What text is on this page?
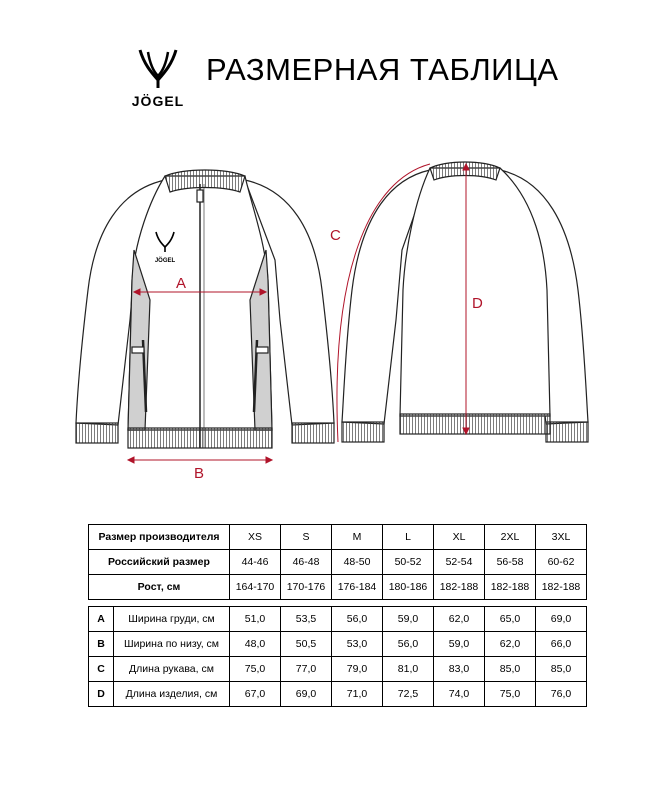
JÖGEL
РАЗМЕРНАЯ ТАБЛИЦА
JÖGEL
A
B
C
D
Размер производителя		XS	S	M	L	XL	2XL	3XL
Российский размер		44-46	46-48	48-50	50-52	52-54	56-58	60-62
Рост, см		164-170	170-176	176-184	180-186	182-188	182-188	182-188

A	Ширина груди, см	51,0	53,5	56,0	59,0	62,0	65,0	69,0
B	Ширина по низу, см	48,0	50,5	53,0	56,0	59,0	62,0	66,0
C	Длина рукава, см	75,0	77,0	79,0	81,0	83,0	85,0	85,0
D	Длина изделия, см	67,0	69,0	71,0	72,5	74,0	75,0	76,0
